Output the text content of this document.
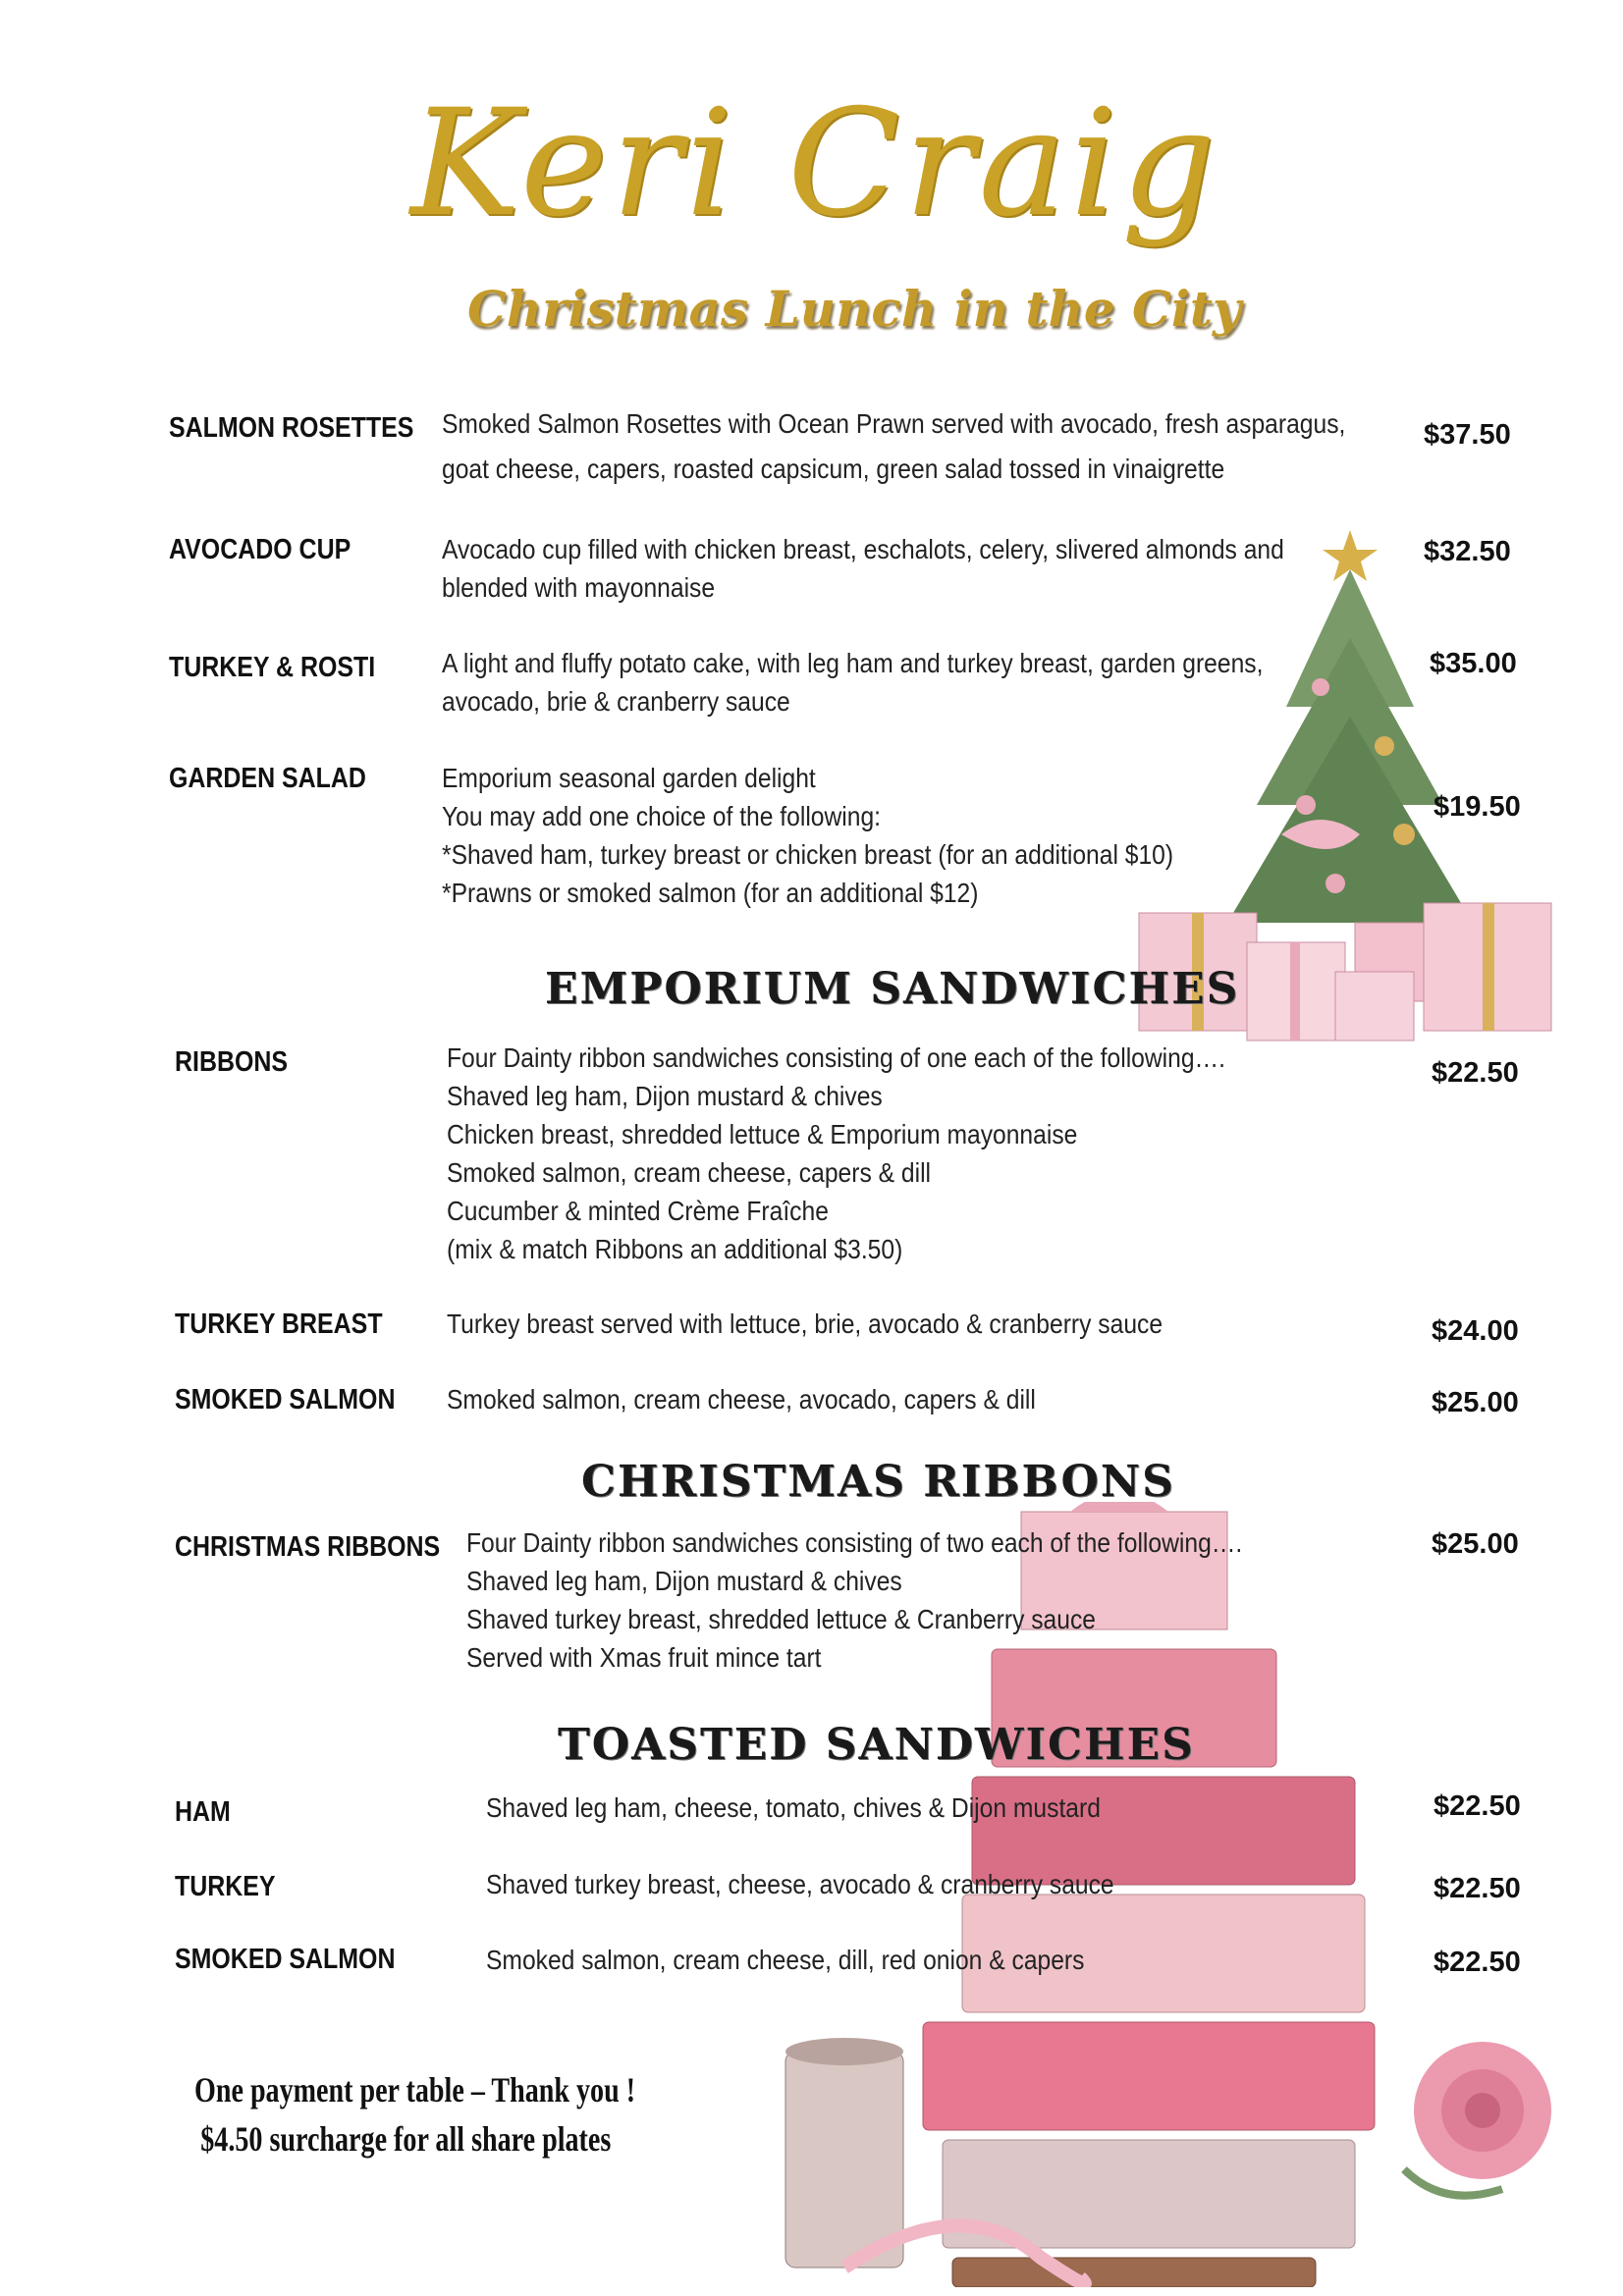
Keri Craig
Christmas Lunch in the City
SALMON ROSETTES Smoked Salmon Rosettes with Ocean Prawn served with avocado, fresh asparagus,
goat cheese, capers, roasted capsicum, green salad tossed in vinaigrette
$37.50
AVOCADO CUP	Avocado cup filled with chicken breast, eschalots, celery, slivered almonds and
blended with mayonnaise
$32.50
TURKEY & ROSTI A light and fluffy potato cake, with leg ham and turkey breast, garden greens,
avocado, brie & cranberry sauce
$35.00
GARDEN SALAD	Emporium seasonal garden delight
You may add one choice of the following:
*Shaved ham, turkey breast or chicken breast (for an additional $10)
*Prawns or smoked salmon (for an additional $12)
$19.50
EMPORIUM SANDWICHES
RIBBONS	Four Dainty ribbon sandwiches consisting of one each of the following….
Shaved leg ham, Dijon mustard & chives
Chicken breast, shredded lettuce & Emporium mayonnaise
Smoked salmon, cream cheese, capers & dill
Cucumber & minted Crème Fraîche
(mix & match Ribbons an additional $3.50)
$22.50
TURKEY BREAST Turkey breast served with lettuce, brie, avocado & cranberry sauce	$24.00
SMOKED SALMON Smoked salmon, cream cheese, avocado, capers & dill	$25.00
CHRISTMAS RIBBONS
CHRISTMAS RIBBONS Four Dainty ribbon sandwiches consisting of two each of the following….
Shaved leg ham, Dijon mustard & chives
Shaved turkey breast, shredded lettuce & Cranberry sauce
Served with Xmas fruit mince tart
$25.00
TOASTED SANDWICHES
HAM	Shaved leg ham, cheese, tomato, chives & Dijon mustard	$22.50
TURKEY	Shaved turkey breast, cheese, avocado & cranberry sauce	$22.50
SMOKED SALMON	Smoked salmon, cream cheese, dill, red onion & capers	$22.50
One payment per table – Thank you !
$4.50 surcharge for all share plates
